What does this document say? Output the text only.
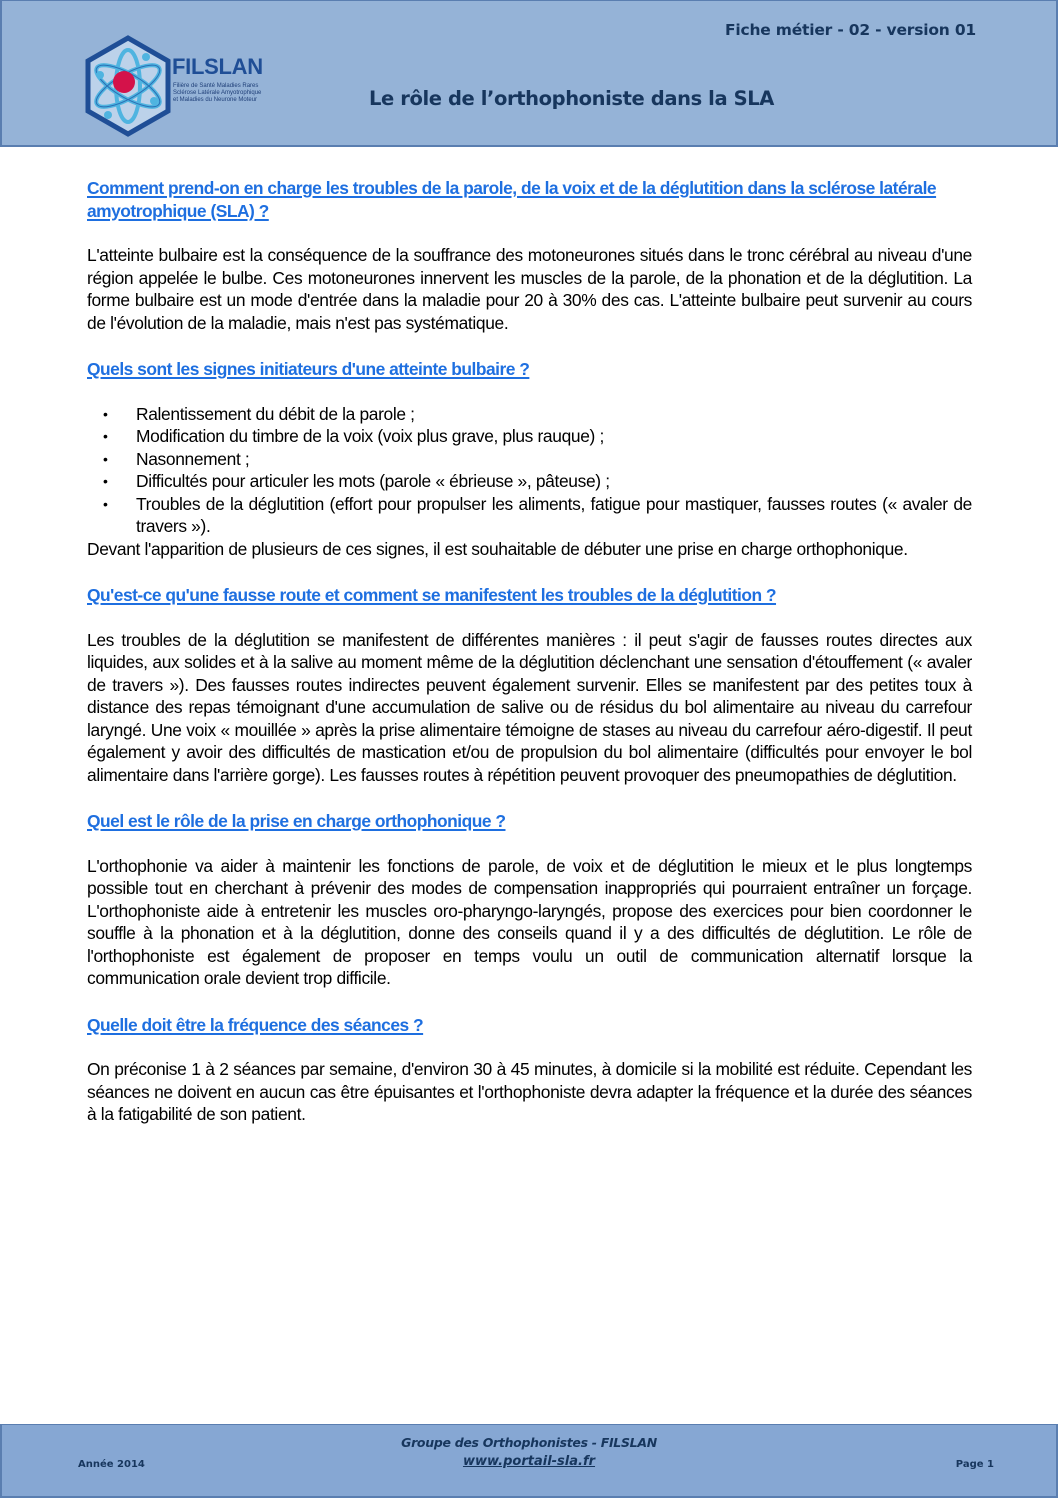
FILSLAN
Filière de Santé Maladies Rares
Sclérose Latérale Amyotrophique
et Maladies du Neurone Moteur
Fiche métier - 02 - version 01
Le rôle de l’orthophoniste dans la SLA
Comment prend-on en charge les troubles de la parole, de la voix et de la déglutition dans la sclérose latérale amyotrophique (SLA) ?

L'atteinte bulbaire est la conséquence de la souffrance des motoneurones situés dans le tronc cérébral au niveau d'une région appelée le bulbe. Ces motoneurones innervent les muscles de la parole, de la phonation et de la déglutition. La forme bulbaire est un mode d'entrée dans la maladie pour 20 à 30% des cas. L'atteinte bulbaire peut survenir au cours de l'évolution de la maladie, mais n'est pas systématique.

Quels sont les signes initiateurs d'une atteinte bulbaire ?
• Ralentissement du débit de la parole ;
• Modification du timbre de la voix (voix plus grave, plus rauque) ;
• Nasonnement ;
• Difficultés pour articuler les mots (parole « ébrieuse », pâteuse) ;
• Troubles de la déglutition (effort pour propulser les aliments, fatigue pour mastiquer, fausses routes (« avaler de travers »).

Devant l'apparition de plusieurs de ces signes, il est souhaitable de débuter une prise en charge orthophonique.

Qu'est-ce qu'une fausse route et comment se manifestent les troubles de la déglutition ?

Les troubles de la déglutition se manifestent de différentes manières : il peut s'agir de fausses routes directes aux liquides, aux solides et à la salive au moment même de la déglutition déclenchant une sensation d'étouffement (« avaler de travers »). Des fausses routes indirectes peuvent également survenir. Elles se manifestent par des petites toux à distance des repas témoignant d'une accumulation de salive ou de résidus du bol alimentaire au niveau du carrefour laryngé. Une voix « mouillée » après la prise alimentaire témoigne de stases au niveau du carrefour aéro-digestif. Il peut également y avoir des difficultés de mastication et/ou de propulsion du bol alimentaire (difficultés pour envoyer le bol alimentaire dans l'arrière gorge). Les fausses routes à répétition peuvent provoquer des pneumopathies de déglutition.

Quel est le rôle de la prise en charge orthophonique ?

L'orthophonie va aider à maintenir les fonctions de parole, de voix et de déglutition le mieux et le plus longtemps possible tout en cherchant à prévenir des modes de compensation inappropriés qui pourraient entraîner un forçage. L'orthophoniste aide à entretenir les muscles oro-pharyngo-laryngés, propose des exercices pour bien coordonner le souffle à la phonation et à la déglutition, donne des conseils quand il y a des difficultés de déglutition. Le rôle de l'orthophoniste est également de proposer en temps voulu un outil de communication alternatif lorsque la communication orale devient trop difficile.

Quelle doit être la fréquence des séances ?

On préconise 1 à 2 séances par semaine, d'environ 30 à 45 minutes, à domicile si la mobilité est réduite. Cependant les séances ne doivent en aucun cas être épuisantes et l'orthophoniste devra adapter la fréquence et la durée des séances à la fatigabilité de son patient.

Année 2014
Groupe des Orthophonistes - FILSLAN
www.portail-sla.fr	Page 1
